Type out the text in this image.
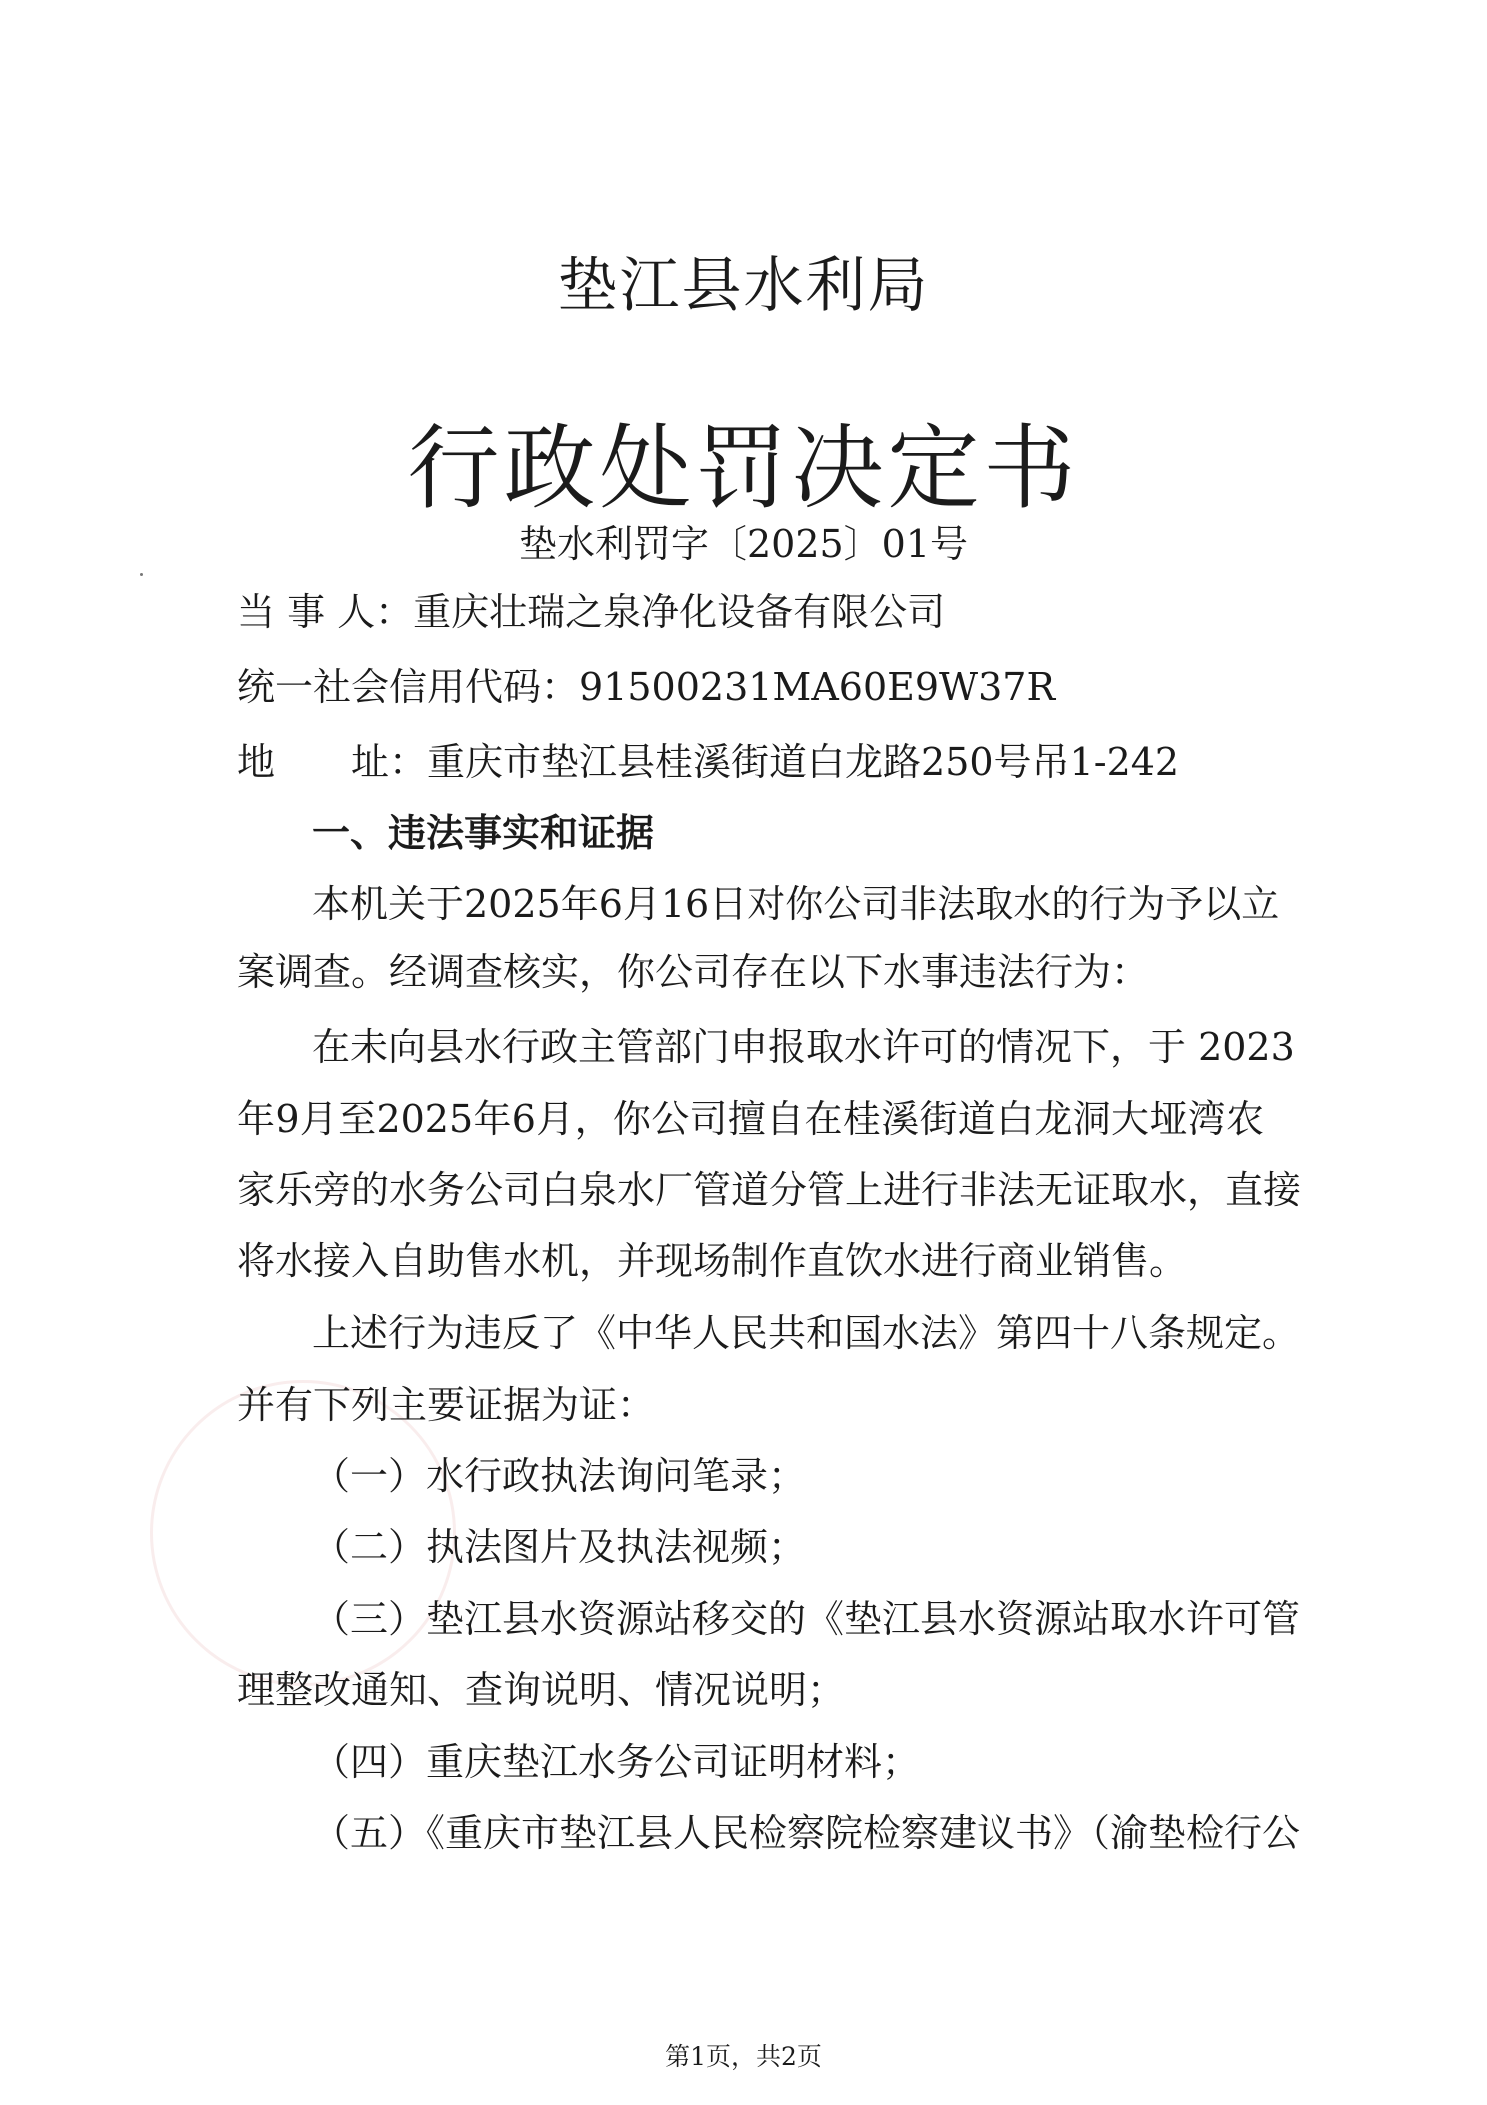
垫江县水利局
行政处罚决定书
垫水利罚字〔2025〕01号
当 事 人：重庆壮瑞之泉净化设备有限公司
统一社会信用代码：91500231MA60E9W37R
地　　址：重庆市垫江县桂溪街道白龙路250号吊1-242
一、违法事实和证据
本机关于2025年6月16日对你公司非法取水的行为予以立
案调查。经调查核实，你公司存在以下水事违法行为：
在未向县水行政主管部门申报取水许可的情况下，于 2023
年9月至2025年6月，你公司擅自在桂溪街道白龙洞大垭湾农
家乐旁的水务公司白泉水厂管道分管上进行非法无证取水，直接
将水接入自助售水机，并现场制作直饮水进行商业销售。
上述行为违反了《中华人民共和国水法》第四十八条规定。
并有下列主要证据为证：
（一）水行政执法询问笔录；
（二）执法图片及执法视频；
（三）垫江县水资源站移交的《垫江县水资源站取水许可管
理整改通知、查询说明、情况说明；
（四）重庆垫江水务公司证明材料；
（五）《重庆市垫江县人民检察院检察建议书》（渝垫检行公
第1页，共2页
